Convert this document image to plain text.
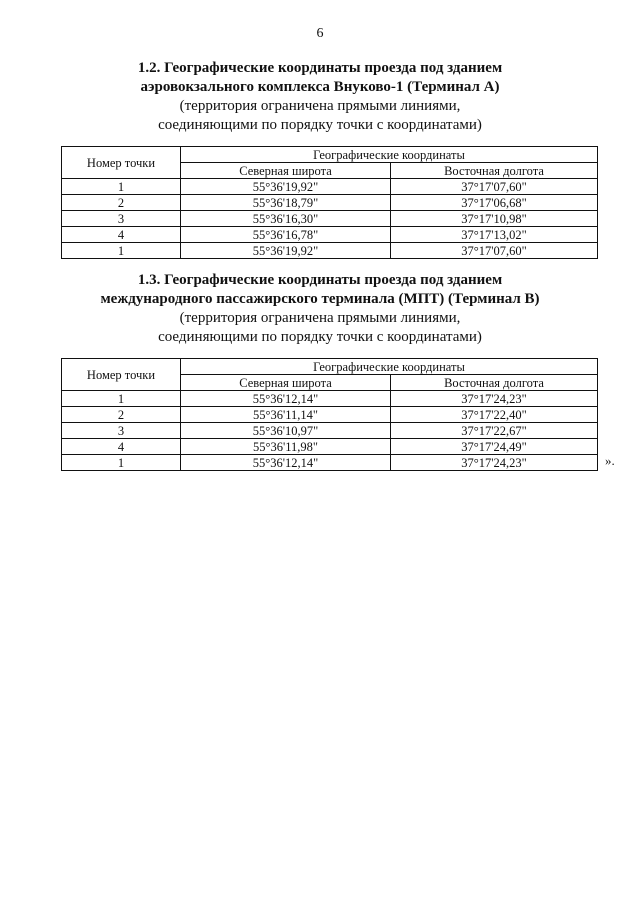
6
1.2. Географические координаты проезда под зданием
аэровокзального комплекса Внуково-1 (Терминал А)
(территория ограничена прямыми линиями,
соединяющими по порядку точки с координатами)
Номер точки	Географические координаты	
	Северная широта	Восточная долгота
1	55°36'19,92"	37°17'07,60"
2	55°36'18,79"	37°17'06,68"
3	55°36'16,30"	37°17'10,98"
4	55°36'16,78"	37°17'13,02"
1	55°36'19,92"	37°17'07,60"
1.3. Географические координаты проезда под зданием
международного пассажирского терминала (МПТ) (Терминал В)
(территория ограничена прямыми линиями,
соединяющими по порядку точки с координатами)
Номер точки	Географические координаты	
	Северная широта	Восточная долгота
1	55°36'12,14"	37°17'24,23"
2	55°36'11,14"	37°17'22,40"
3	55°36'10,97"	37°17'22,67"
4	55°36'11,98"	37°17'24,49"
1	55°36'12,14"	37°17'24,23"	».
